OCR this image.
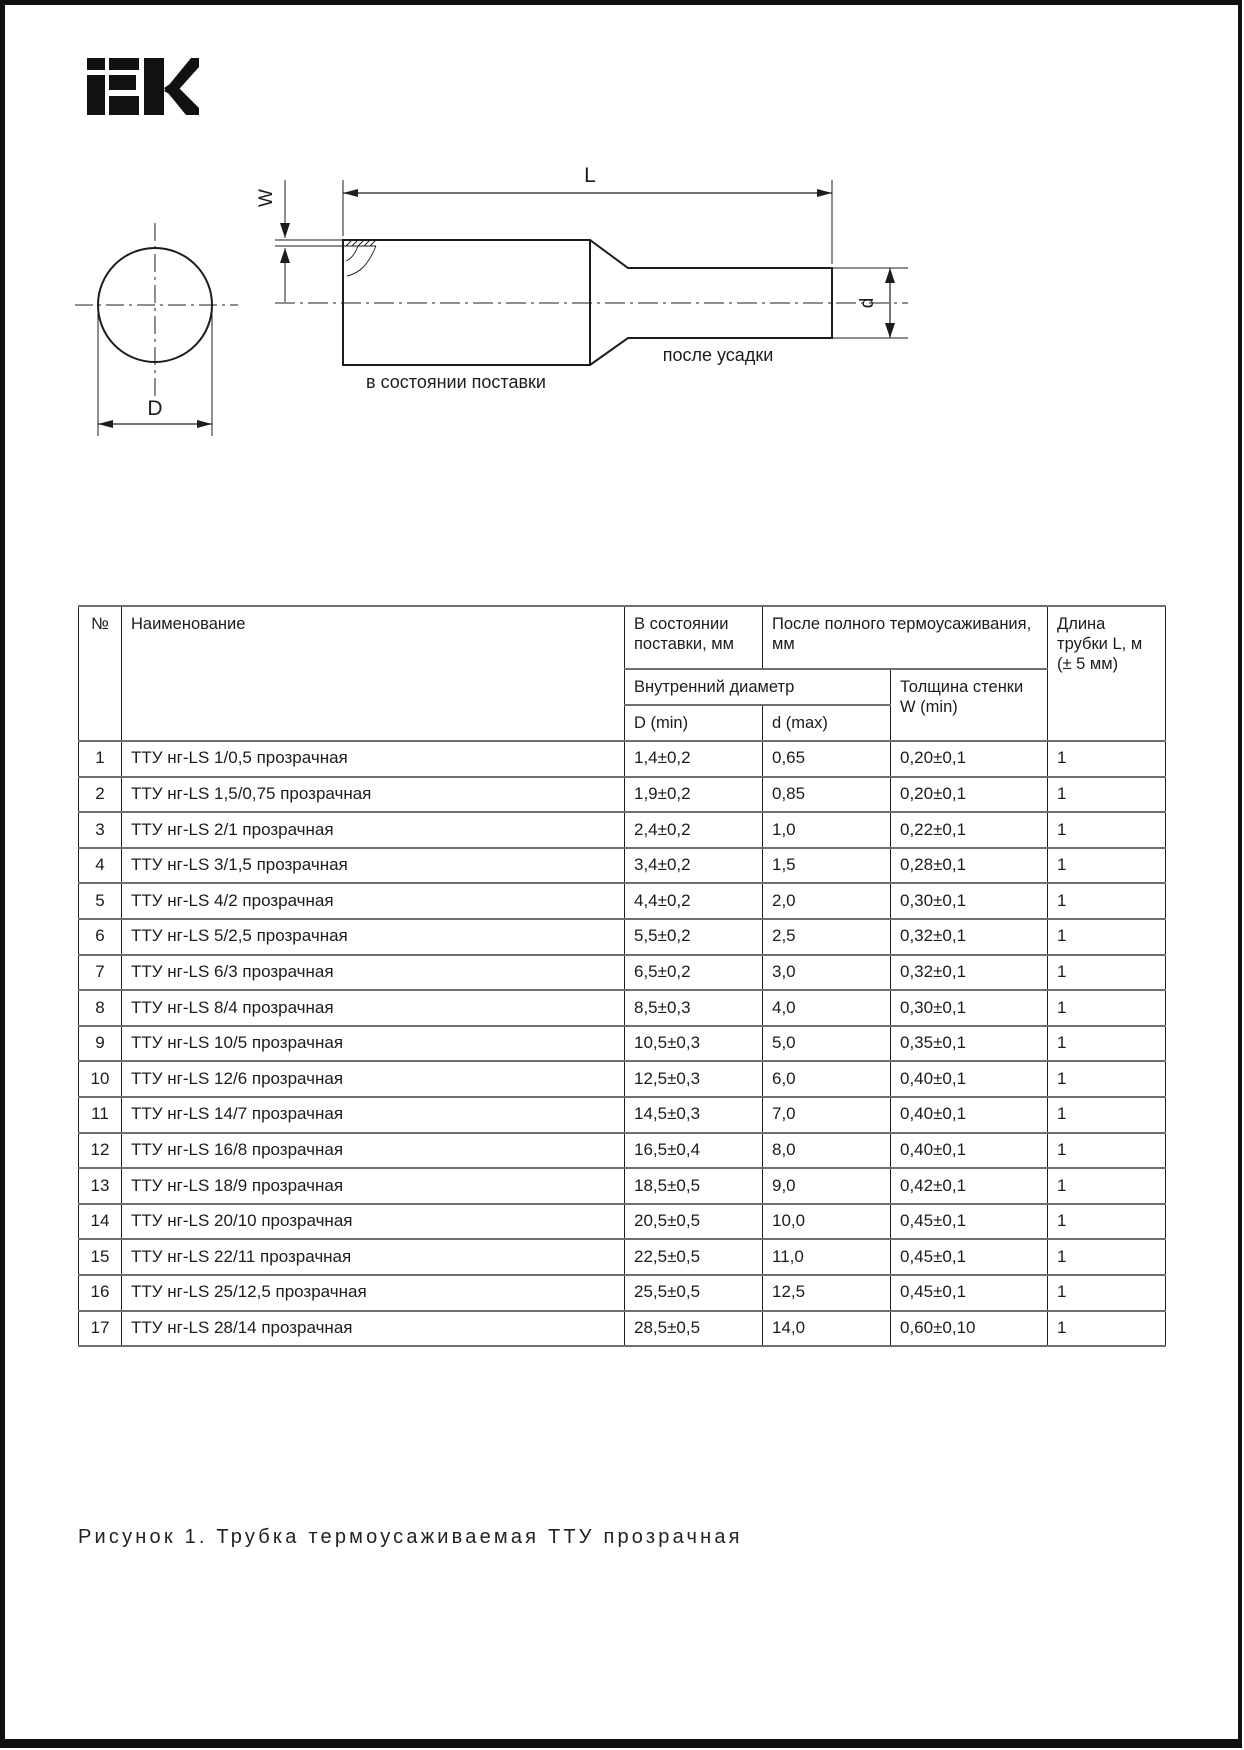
D
W
L
d
в состоянии поставки
после усадки
№	Наименование	В состоянии поставки, мм	После полного термоусаживания, мм		Длина трубки L, м (± 5 мм)
		Внутренний диаметр		Толщина стенки W (min)	
		D (min)	d (max)		
1	ТТУ нг-LS 1/0,5 прозрачная	1,4±0,2	0,65	0,20±0,1	1
2	ТТУ нг-LS 1,5/0,75 прозрачная	1,9±0,2	0,85	0,20±0,1	1
3	ТТУ нг-LS 2/1 прозрачная	2,4±0,2	1,0	0,22±0,1	1
4	ТТУ нг-LS 3/1,5 прозрачная	3,4±0,2	1,5	0,28±0,1	1
5	ТТУ нг-LS 4/2 прозрачная	4,4±0,2	2,0	0,30±0,1	1
6	ТТУ нг-LS 5/2,5 прозрачная	5,5±0,2	2,5	0,32±0,1	1
7	ТТУ нг-LS 6/3 прозрачная	6,5±0,2	3,0	0,32±0,1	1
8	ТТУ нг-LS 8/4 прозрачная	8,5±0,3	4,0	0,30±0,1	1
9	ТТУ нг-LS 10/5 прозрачная	10,5±0,3	5,0	0,35±0,1	1
10	ТТУ нг-LS 12/6 прозрачная	12,5±0,3	6,0	0,40±0,1	1
11	ТТУ нг-LS 14/7 прозрачная	14,5±0,3	7,0	0,40±0,1	1
12	ТТУ нг-LS 16/8 прозрачная	16,5±0,4	8,0	0,40±0,1	1
13	ТТУ нг-LS 18/9 прозрачная	18,5±0,5	9,0	0,42±0,1	1
14	ТТУ нг-LS 20/10 прозрачная	20,5±0,5	10,0	0,45±0,1	1
15	ТТУ нг-LS 22/11 прозрачная	22,5±0,5	11,0	0,45±0,1	1
16	ТТУ нг-LS 25/12,5 прозрачная	25,5±0,5	12,5	0,45±0,1	1
17	ТТУ нг-LS 28/14 прозрачная	28,5±0,5	14,0	0,60±0,10	1
Рисунок 1. Трубка термоусаживаемая ТТУ прозрачная
